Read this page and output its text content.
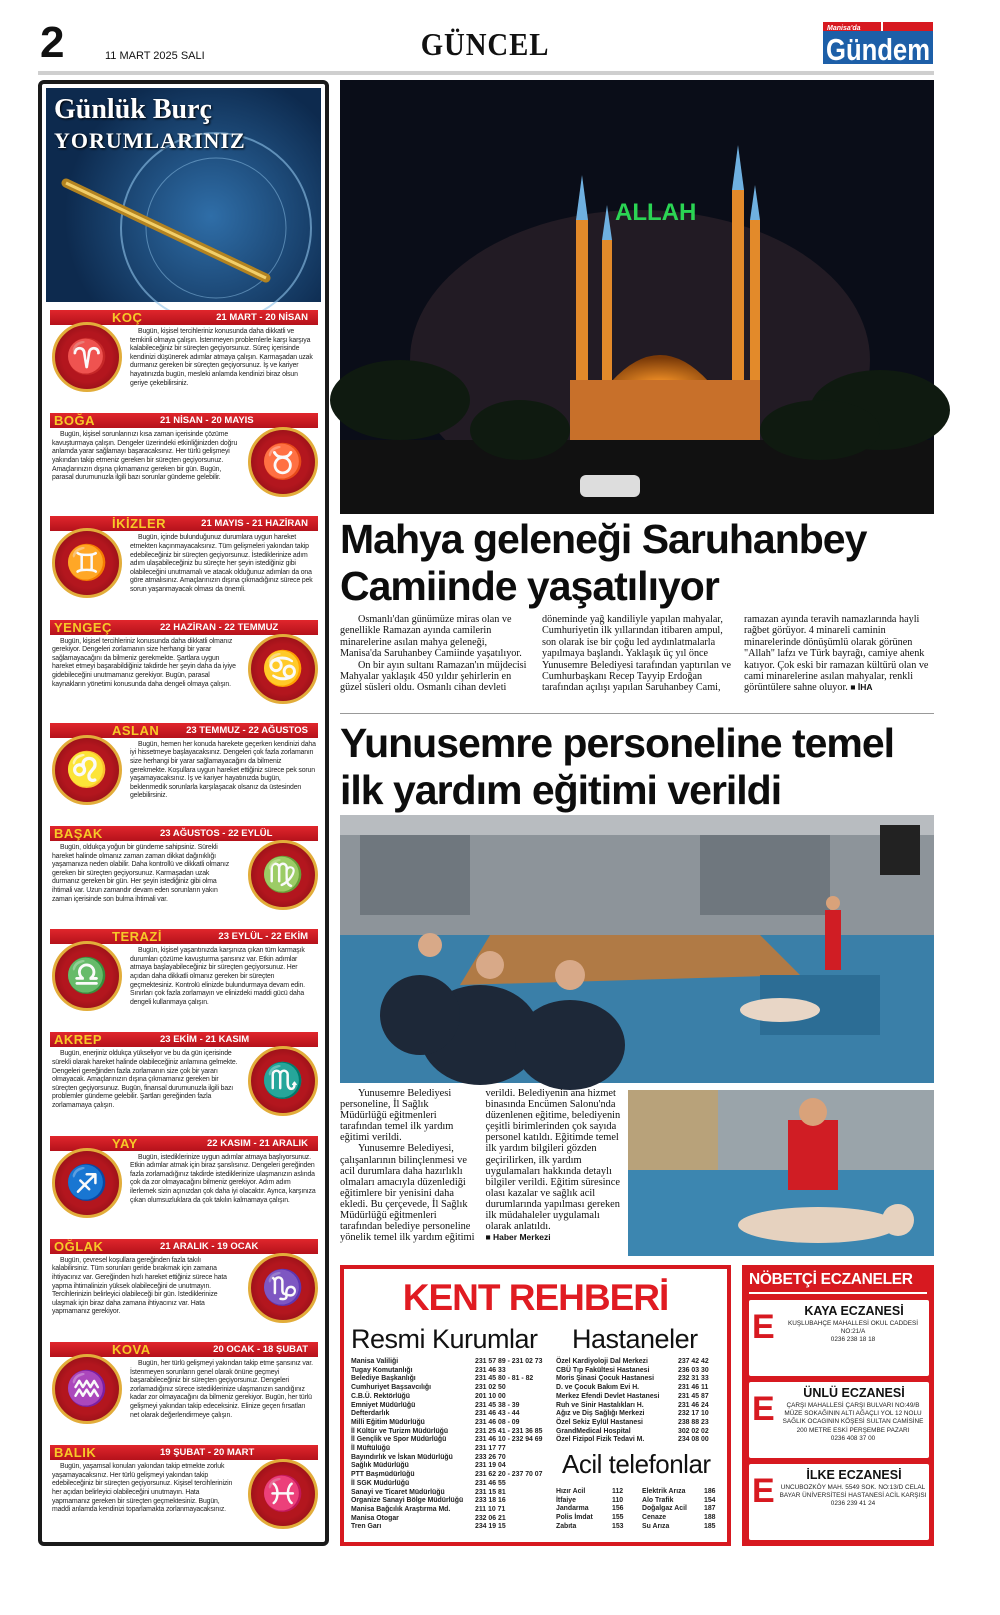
2	11 MART 2025 SALI	GÜNCEL	Manisa'da
Gündem
Günlük Burç
YORUMLARINIZ
KOÇ	21 MART - 20 NİSAN
♈
Bugün, kişisel tercihleriniz konusunda daha dikkatli ve temkinli olmaya çalışın. İstenmeyen problemlerle karşı karşıya kalabileceğiniz bir süreçten geçiyorsunuz. Süreç içerisinde kendinizi düşünerek adımlar atmaya çalışın. Karmaşadan uzak durmanız gereken bir süreçten geçiyorsunuz. İş ve kariyer hayatınızda bugün, mesleki anlamda kendinizi biraz olsun geriye çekebilirsiniz.
BOĞA	21 NİSAN - 20 MAYIS
♉
Bugün, kişisel sorunlarınızı kısa zaman içerisinde çözüme kavuşturmaya çalışın. Dengeler üzerindeki etkinliğinizden doğru anlamda yarar sağlamayı başaracaksınız. Her türlü gelişmeyi yakından takip etmeniz gereken bir süreçten geçiyorsunuz. Amaçlarınızın dışına çıkmamanız gereken bir gün. Bugün, parasal durumunuzla ilgili bazı sorunlar gündeme gelebilir.
İKİZLER	21 MAYIS - 21 HAZİRAN
♊
Bugün, içinde bulunduğunuz durumlara uygun hareket etmekten kaçınmayacaksınız. Tüm gelişmeleri yakından takip edebileceğiniz bir süreçten geçiyorsunuz. İstediklerinize adım adım ulaşabileceğiniz bu süreçte her şeyin istediğiniz gibi olabileceğini unutmamalı ve atacak olduğunuz adımları da ona göre atmalısınız. Amaçlarınızın dışına çıkmadığınız sürece pek sorun yaşanmayacak olması da önemli.
YENGEÇ	22 HAZİRAN - 22 TEMMUZ
♋
Bugün, kişisel tercihleriniz konusunda daha dikkatli olmanız gerekiyor. Dengeleri zorlamanın size herhangi bir yarar sağlamayacağını da bilmeniz gerekmekte. Şartlara uygun hareket etmeyi başarabildiğiniz takdirde her şeyin daha da iyiye gidebileceğini unutmamanız gerekiyor. Bugün, parasal kaynakların yönetimi konusunda daha dengeli olmaya çalışın.
ASLAN	23 TEMMUZ - 22 AĞUSTOS
♌
Bugün, hemen her konuda harekete geçerken kendinizi daha iyi hissetmeye başlayacaksınız. Dengeleri çok fazla zorlamanın size herhangi bir yarar sağlamayacağını da bilmeniz gerekmekte. Koşullara uygun hareket ettiğiniz sürece pek sorun yaşamayacaksınız. İş ve kariyer hayatınızda bugün, beklenmedik sorunlarla karşılaşacak olsanız da üstesinden gelebilirsiniz.
BAŞAK	23 AĞUSTOS - 22 EYLÜL
♍
Bugün, oldukça yoğun bir gündeme sahipsiniz. Sürekli hareket halinde olmanız zaman zaman dikkat dağınıklığı yaşamanıza neden olabilir. Daha kontrollü ve dikkatli olmanız gereken bir süreçten geçiyorsunuz. Karmaşadan uzak durmanız gereken bir gün. Her şeyin istediğiniz gibi olma ihtimali var. Uzun zamandır devam eden sorunların yakın zaman içerisinde son bulma ihtimali var.
TERAZİ	23 EYLÜL - 22 EKİM
♎
Bugün, kişisel yaşantınızda karşınıza çıkan tüm karmaşık durumları çözüme kavuşturma şansınız var. Etkin adımlar atmaya başlayabileceğiniz bir süreçten geçiyorsunuz. Her açıdan daha dikkatli olmanız gereken bir süreçten geçmektesiniz. Kontrolü elinizde bulundurmaya devam edin. Sınırları çok fazla zorlamayın ve elinizdeki maddi gücü daha dengeli kullanmaya çalışın.
AKREP	23 EKİM - 21 KASIM
♏
Bugün, enerjiniz oldukça yükseliyor ve bu da gün içerisinde sürekli olarak hareket halinde olabileceğiniz anlamına gelmekte. Dengeleri gereğinden fazla zorlamanın size çok bir yararı olmayacak. Amaçlarınızın dışına çıkmamanız gereken bir süreçten geçiyorsunuz. Bugün, finansal durumunuzla ilgili bazı problemler gündeme gelebilir. Şartları gereğinden fazla zorlamamaya çalışın.
YAY	22 KASIM - 21 ARALIK
♐
Bugün, istediklerinize uygun adımlar atmaya başlıyorsunuz. Etkin adımlar atmak için biraz şanslısınız. Dengeleri gereğinden fazla zorlamadığınız takdirde istediklerinize ulaşmanızın aslında çok da zor olmayacağını bilmeniz gerekiyor. Adım adım ilerlemek sizin açınızdan çok daha iyi olacaktır. Ayrıca, karşınıza çıkan olumsuzluklara da çok takılın kalmamaya çalışın.
OĞLAK	21 ARALIK - 19 OCAK
♑
Bugün, çevresel koşullara gereğinden fazla takılı kalabilirsiniz. Tüm sorunları geride bırakmak için zamana ihtiyacınız var. Gereğinden hızlı hareket ettiğiniz sürece hata yapma ihtimalinizin yüksek olabileceğini de unutmayın. Tercihlerinizin belirleyici olabileceği bir gün. İstediklerinize ulaşmak için biraz daha zamana ihtiyacınız var. Hata yapmamanız gerekiyor.
KOVA	20 OCAK - 18 ŞUBAT
♒
Bugün, her türlü gelişmeyi yakından takip etme şansınız var. İstenmeyen sorunların genel olarak önüne geçmeyi başarabileceğiniz bir süreçten geçiyorsunuz. Dengeleri zorlamadığınız sürece istediklerinize ulaşmanızın sandığınız kadar zor olmayacağını da bilmeniz gerekiyor. Bugün, her türlü gelişmeyi yakından takip edeceksiniz. Elinize geçen fırsatları net olarak değerlendirmeye çalışın.
BALIK	19 ŞUBAT - 20 MART
♓
Bugün, yaşamsal konuları yakından takip etmekte zorluk yaşamayacaksınız. Her türlü gelişmeyi yakından takip edebileceğiniz bir süreçten geçiyorsunuz. Kişisel tercihlerinizin her açıdan belirleyici olabileceğini unutmayın. Hata yapmamanız gereken bir süreçten geçmektesiniz. Bugün, maddi anlamda kendinizi toparlamakta zorlanmayacaksınız.
ALLAH
Mahya geleneği Saruhanbey Camiinde yaşatılıyor

Osmanlı'dan günümüze miras olan ve genellikle Ramazan ayında camilerin minarelerine asılan mahya geleneği, Manisa'da Saruhanbey Camiinde yaşatılıyor.

On bir ayın sultanı Ramazan'ın müjdecisi Mahyalar yaklaşık 450 yıldır şehirlerin en güzel süsleri oldu. Osmanlı cihan devleti döneminde yağ kandiliyle yapılan mahyalar, Cumhuriyetin ilk yıllarından itibaren ampul, son olarak ise bir çoğu led aydınlatmalarla yapılmaya başlandı. Yaklaşık üç yıl önce Yunusemre Belediyesi tarafından yaptırılan ve Cumhurbaşkanı Recep Tayyip Erdoğan tarafından açılışı yapılan Saruhanbey Cami, ramazan ayında teravih namazlarında hayli rağbet görüyor. 4 minareli caminin minarelerinde dönüşümlü olarak görünen "Allah" lafzı ve Türk bayrağı, camiye ahenk katıyor. Çok eski bir ramazan kültürü olan ve cami minarelerine asılan mahyalar, renkli görüntülere sahne oluyor. ■ İHA

Yunusemre personeline temel ilk yardım eğitimi verildi

Yunusemre Belediyesi personeline, İl Sağlık Müdürlüğü eğitmenleri tarafından temel ilk yardım eğitimi verildi.

Yunusemre Belediyesi, çalışanlarının bilinçlenmesi ve acil durumlara daha hazırlıklı olmaları amacıyla düzenlediği eğitimlere bir yenisini daha ekledi. Bu çerçevede, İl Sağlık Müdürlüğü eğitmenleri tarafından belediye personeline yönelik temel ilk yardım eğitimi verildi. Belediyenin ana hizmet binasında Encümen Salonu'nda düzenlenen eğitime, belediyenin çeşitli birimlerinden çok sayıda personel katıldı. Eğitimde temel ilk yardım bilgileri gözden geçirilirken, ilk yardım uygulamaları hakkında detaylı bilgiler verildi. Eğitim süresince olası kazalar ve sağlık acil durumlarında yapılması gereken ilk müdahaleler uygulamalı olarak anlatıldı.
■ Haber Merkezi

KENT REHBERİ
Resmi Kurumlar Hastaneler
Acil telefonlar
Manisa Valiliği	231 57 89 - 231 02 73
Tugay Komutanlığı	231 46 33
Belediye Başkanlığı	231 45 80 - 81 - 82
Cumhuriyet Başsavcılığı	231 02 50
C.B.Ü. Rektörlüğü	201 10 00
Emniyet Müdürlüğü	231 45 38 - 39
Defterdarlık	231 46 43 - 44
Milli Eğitim Müdürlüğü	231 46 08 - 09
İl Kültür ve Turizm Müdürlüğü	231 25 41 - 231 36 85
İl Gençlik ve Spor Müdürlüğü	231 46 10 - 232 94 69
İl Müftülüğü	231 17 77
Bayındırlık ve İskan Müdürlüğü	233 26 70
Sağlık Müdürlüğü	231 19 04
PTT Başmüdürlüğü	231 62 20 - 237 70 07
İl SGK Müdürlüğü	231 46 55
Sanayi ve Ticaret Müdürlüğü	231 15 81
Organize Sanayi Bölge Müdürlüğü	233 18 16
Manisa Bağcılık Araştırma Md.	211 10 71
Manisa Otogar	232 06 21
Tren Garı	234 19 15
Özel Kardiyoloji Dal Merkezi	237 42 42
CBÜ Tıp Fakültesi Hastanesi	236 03 30
Moris Şinasi Çocuk Hastanesi	232 31 33
D. ve Çocuk Bakım Evi H.	231 46 11
Merkez Efendi Devlet Hastanesi	231 45 87
Ruh ve Sinir Hastalıkları H.	231 46 24
Ağız ve Diş Sağlığı Merkezi	232 17 10
Özel Sekiz Eylül Hastanesi	238 88 23
GrandMedical Hospital	302 02 02
Özel Fizipol Fizik Tedavi M.	234 08 00
Hızır Acil	112
İtfaiye	110
Jandarma	156
Polis İmdat	155
Zabıta	153
Elektrik Arıza	186
Alo Trafik	154
Doğalgaz Acil	187
Cenaze	188
Su Arıza	185
NÖBETÇİ ECZANELER
E	KAYA ECZANESİ
KUŞLUBAHÇE MAHALLESİ OKUL CADDESİ NO:21/A
0236 238 18 18
E	ÜNLÜ ECZANESİ
ÇARŞI MAHALLESİ ÇARŞI BULVARI NO:49/B MÜZE SOKAĞININ ALTI AĞAÇLI YOL 12 NOLU SAĞLIK OCAGININ KÖŞESİ SULTAN CAMİSİNE 200 METRE ESKİ PERŞEMBE PAZARI
0236 408 37 00
E	İLKE ECZANESİ
UNCUBOZKÖY MAH. 5549 SOK. NO:13/D CELAL BAYAR ÜNİVERSİTESİ HASTANESİ ACİL KARŞISI
0236 239 41 24
